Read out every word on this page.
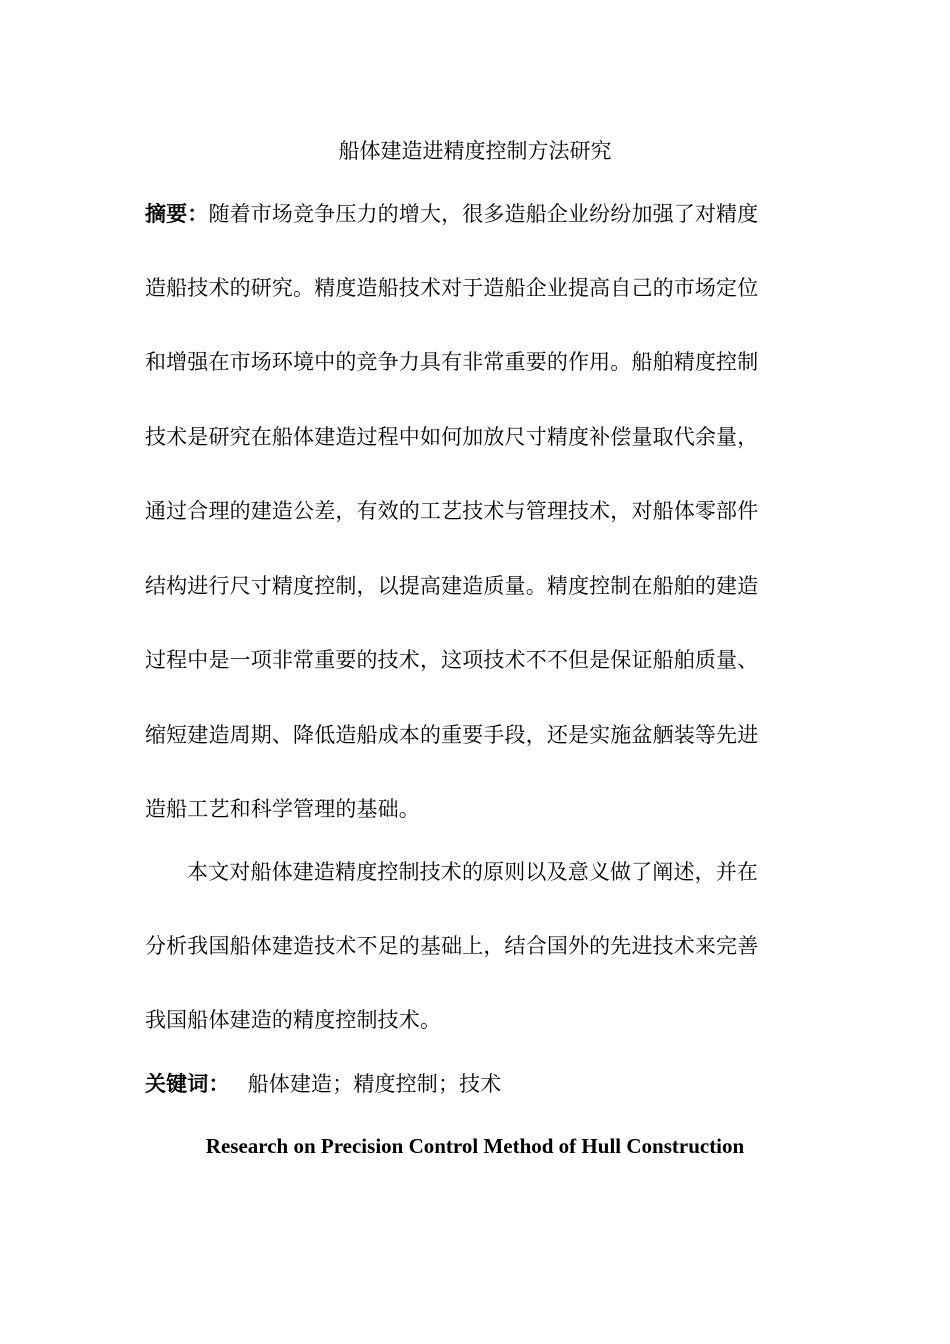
船体建造进精度控制方法研究
摘要：随着市场竞争压力的增大，很多造船企业纷纷加强了对精度
造船技术的研究。精度造船技术对于造船企业提高自己的市场定位
和增强在市场环境中的竞争力具有非常重要的作用。船舶精度控制
技术是研究在船体建造过程中如何加放尺寸精度补偿量取代余量，
通过合理的建造公差，有效的工艺技术与管理技术，对船体零部件
结构进行尺寸精度控制，以提高建造质量。精度控制在船舶的建造
过程中是一项非常重要的技术，这项技术不不但是保证船舶质量、
缩短建造周期、降低造船成本的重要手段，还是实施盆舾装等先进
造船工艺和科学管理的基础。
本文对船体建造精度控制技术的原则以及意义做了阐述，并在
分析我国船体建造技术不足的基础上，结合国外的先进技术来完善
我国船体建造的精度控制技术。
关键词： 船体建造；精度控制；技术
Research on Precision Control Method of Hull Construction
